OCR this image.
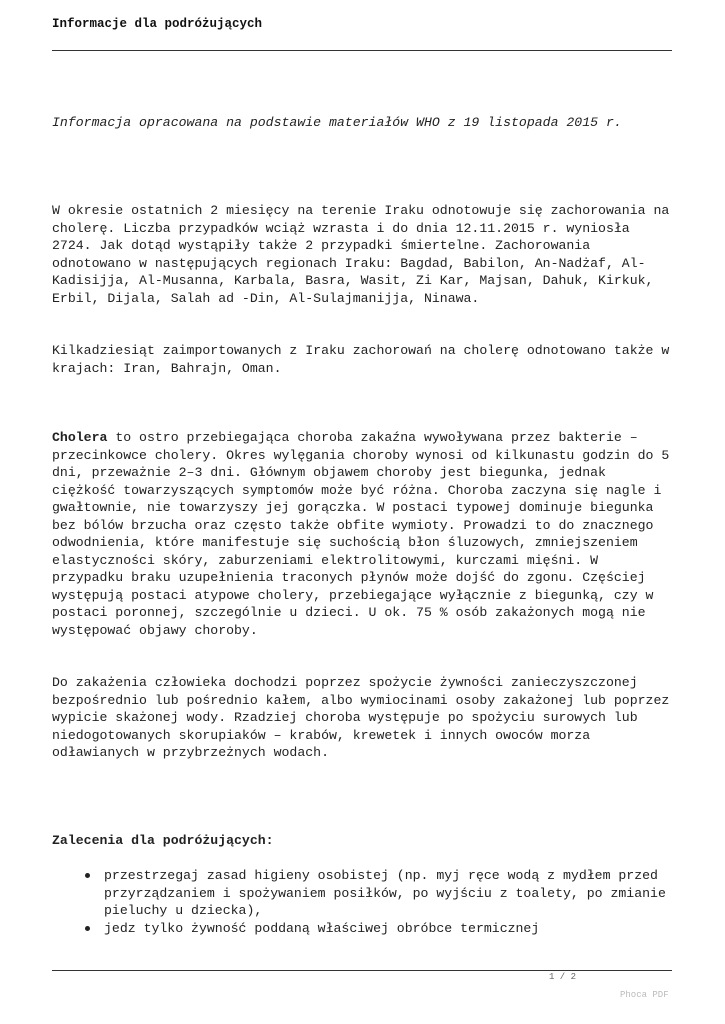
Informacje dla podróżujących
Informacja opracowana na podstawie materiałów WHO z 19 listopada 2015 r.
W okresie ostatnich 2 miesięcy na terenie Iraku odnotowuje się zachorowania na cholerę. Liczba przypadków wciąż wzrasta i do dnia 12.11.2015 r. wyniosła 2724. Jak dotąd wystąpiły także 2 przypadki śmiertelne. Zachorowania odnotowano w następujących regionach Iraku: Bagdad, Babilon, An-Nadżaf, Al-Kadisijja, Al-Musanna, Karbala, Basra, Wasit, Zi Kar, Majsan, Dahuk, Kirkuk, Erbil, Dijala, Salah ad -Din, Al-Sulajmanijja, Ninawa.
Kilkadziesiąt zaimportowanych z Iraku zachorowań na cholerę odnotowano także w krajach: Iran, Bahrajn, Oman.
Cholera to ostro przebiegająca choroba zakaźna wywoływana przez bakterie – przecinkowce cholery. Okres wylęgania choroby wynosi od kilkunastu godzin do 5 dni, przeważnie 2–3 dni. Głównym objawem choroby jest biegunka, jednak ciężkość towarzyszących symptomów może być różna. Choroba zaczyna się nagle i gwałtownie, nie towarzyszy jej gorączka. W postaci typowej dominuje biegunka bez bólów brzucha oraz często także obfite wymioty. Prowadzi to do znacznego odwodnienia, które manifestuje się suchością błon śluzowych, zmniejszeniem elastyczności skóry, zaburzeniami elektrolitowymi, kurczami mięśni. W przypadku braku uzupełnienia traconych płynów może dojść do zgonu. Częściej występują postaci atypowe cholery, przebiegające wyłącznie z biegunką, czy w postaci poronnej, szczególnie u dzieci. U ok. 75 % osób zakażonych mogą nie występować objawy choroby.
Do zakażenia człowieka dochodzi poprzez spożycie żywności zanieczyszczonej bezpośrednio lub pośrednio kałem, albo wymiocinami osoby zakażonej lub poprzez wypicie skażonej wody. Rzadziej choroba występuje po spożyciu surowych lub niedogotowanych skorupiaków – krabów, krewetek i innych owoców morza odławianych w przybrzeżnych wodach.
Zalecenia dla podróżujących:
przestrzegaj zasad higieny osobistej (np. myj ręce wodą z mydłem przed przyrządzaniem i spożywaniem posiłków, po wyjściu z toalety, po zmianie pieluchy u dziecka),
jedz tylko żywność poddaną właściwej obróbce termicznej
1 / 2
Phoca PDF
